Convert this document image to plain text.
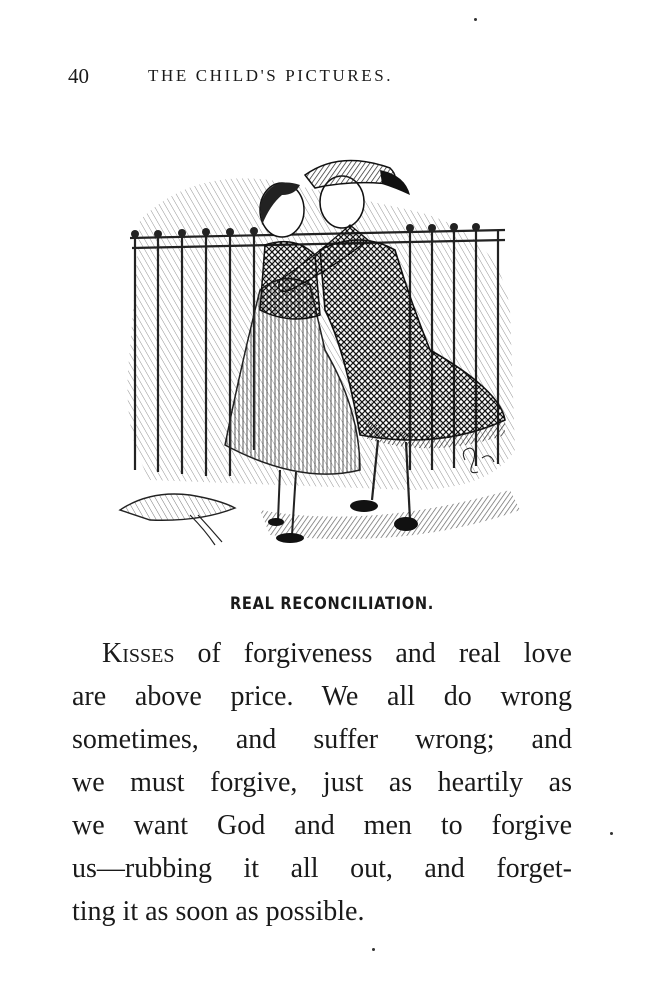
40	THE CHILD'S PICTURES.
REAL RECONCILIATION.
Kisses of forgiveness and real love
are above price. We all do wrong
sometimes, and suffer wrong; and
we must forgive, just as heartily as
we want God and men to forgive
us—rubbing it all out, and forget-
ting it as soon as possible.
